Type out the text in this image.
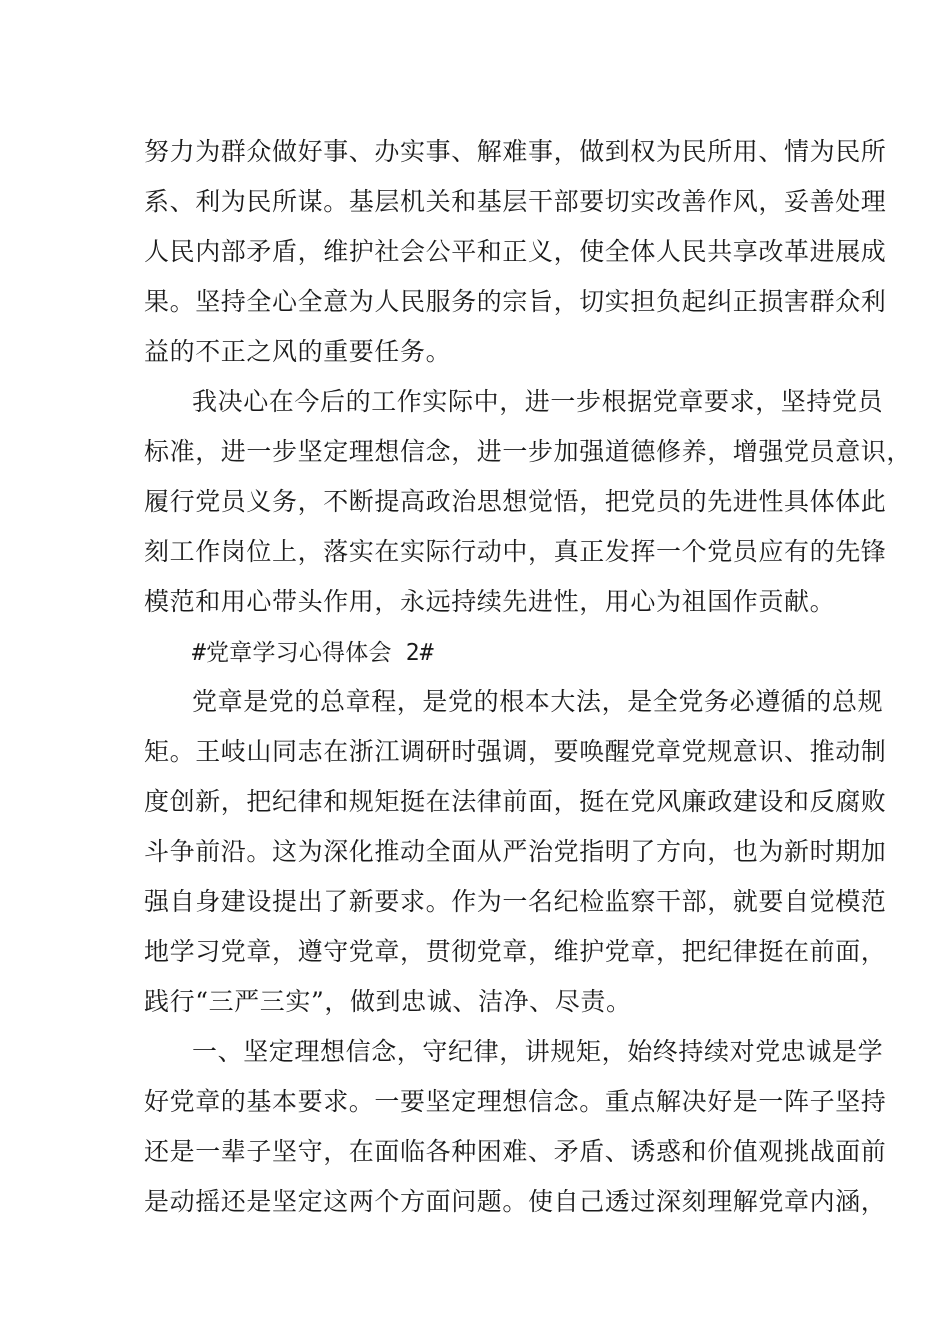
努力为群众做好事、办实事、解难事，做到权为民所用、情为民所
系、利为民所谋。基层机关和基层干部要切实改善作风，妥善处理
人民内部矛盾，维护社会公平和正义，使全体人民共享改革进展成
果。坚持全心全意为人民服务的宗旨，切实担负起纠正损害群众利
益的不正之风的重要任务。
我决心在今后的工作实际中，进一步根据党章要求，坚持党员
标准，进一步坚定理想信念，进一步加强道德修养，增强党员意识，
履行党员义务，不断提高政治思想觉悟，把党员的先进性具体体此
刻工作岗位上，落实在实际行动中，真正发挥一个党员应有的先锋
模范和用心带头作用，永远持续先进性，用心为祖国作贡献。
#党章学习心得体会 2#
党章是党的总章程，是党的根本大法，是全党务必遵循的总规
矩。王岐山同志在浙江调研时强调，要唤醒党章党规意识、推动制
度创新，把纪律和规矩挺在法律前面，挺在党风廉政建设和反腐败
斗争前沿。这为深化推动全面从严治党指明了方向，也为新时期加
强自身建设提出了新要求。作为一名纪检监察干部，就要自觉模范
地学习党章，遵守党章，贯彻党章，维护党章，把纪律挺在前面，
践行“三严三实”，做到忠诚、洁净、尽责。
一、坚定理想信念，守纪律，讲规矩，始终持续对党忠诚是学
好党章的基本要求。一要坚定理想信念。重点解决好是一阵子坚持
还是一辈子坚守，在面临各种困难、矛盾、诱惑和价值观挑战面前
是动摇还是坚定这两个方面问题。使自己透过深刻理解党章内涵，
